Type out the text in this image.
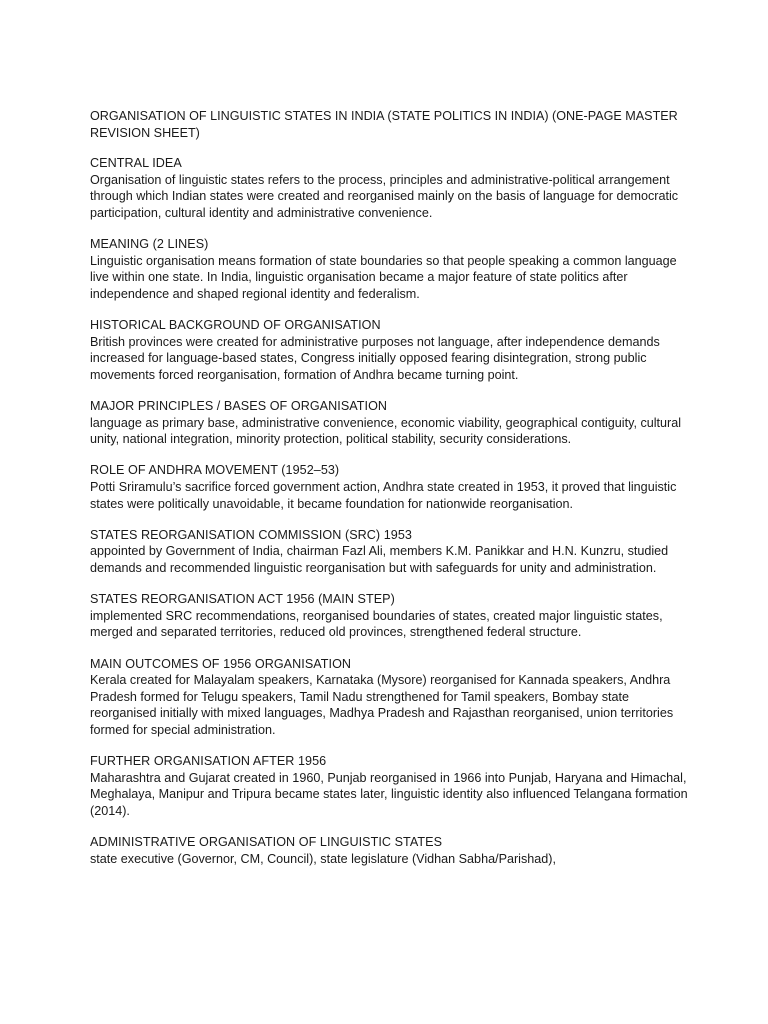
ORGANISATION OF LINGUISTIC STATES IN INDIA (STATE POLITICS IN INDIA) (ONE-PAGE MASTER REVISION SHEET)

CENTRAL IDEA

Organisation of linguistic states refers to the process, principles and administrative-political arrangement through which Indian states were created and reorganised mainly on the basis of language for democratic participation, cultural identity and administrative convenience.

MEANING (2 LINES)

Linguistic organisation means formation of state boundaries so that people speaking a common language live within one state. In India, linguistic organisation became a major feature of state politics after independence and shaped regional identity and federalism.

HISTORICAL BACKGROUND OF ORGANISATION

British provinces were created for administrative purposes not language, after independence demands increased for language-based states, Congress initially opposed fearing disintegration, strong public movements forced reorganisation, formation of Andhra became turning point.

MAJOR PRINCIPLES / BASES OF ORGANISATION

language as primary base, administrative convenience, economic viability, geographical contiguity, cultural unity, national integration, minority protection, political stability, security considerations.

ROLE OF ANDHRA MOVEMENT (1952–53)

Potti Sriramulu’s sacrifice forced government action, Andhra state created in 1953, it proved that linguistic states were politically unavoidable, it became foundation for nationwide reorganisation.

STATES REORGANISATION COMMISSION (SRC) 1953

appointed by Government of India, chairman Fazl Ali, members K.M. Panikkar and H.N. Kunzru, studied demands and recommended linguistic reorganisation but with safeguards for unity and administration.

STATES REORGANISATION ACT 1956 (MAIN STEP)

implemented SRC recommendations, reorganised boundaries of states, created major linguistic states, merged and separated territories, reduced old provinces, strengthened federal structure.

MAIN OUTCOMES OF 1956 ORGANISATION

Kerala created for Malayalam speakers, Karnataka (Mysore) reorganised for Kannada speakers, Andhra Pradesh formed for Telugu speakers, Tamil Nadu strengthened for Tamil speakers, Bombay state reorganised initially with mixed languages, Madhya Pradesh and Rajasthan reorganised, union territories formed for special administration.

FURTHER ORGANISATION AFTER 1956

Maharashtra and Gujarat created in 1960, Punjab reorganised in 1966 into Punjab, Haryana and Himachal, Meghalaya, Manipur and Tripura became states later, linguistic identity also influenced Telangana formation (2014).

ADMINISTRATIVE ORGANISATION OF LINGUISTIC STATES

state executive (Governor, CM, Council), state legislature (Vidhan Sabha/Parishad),
